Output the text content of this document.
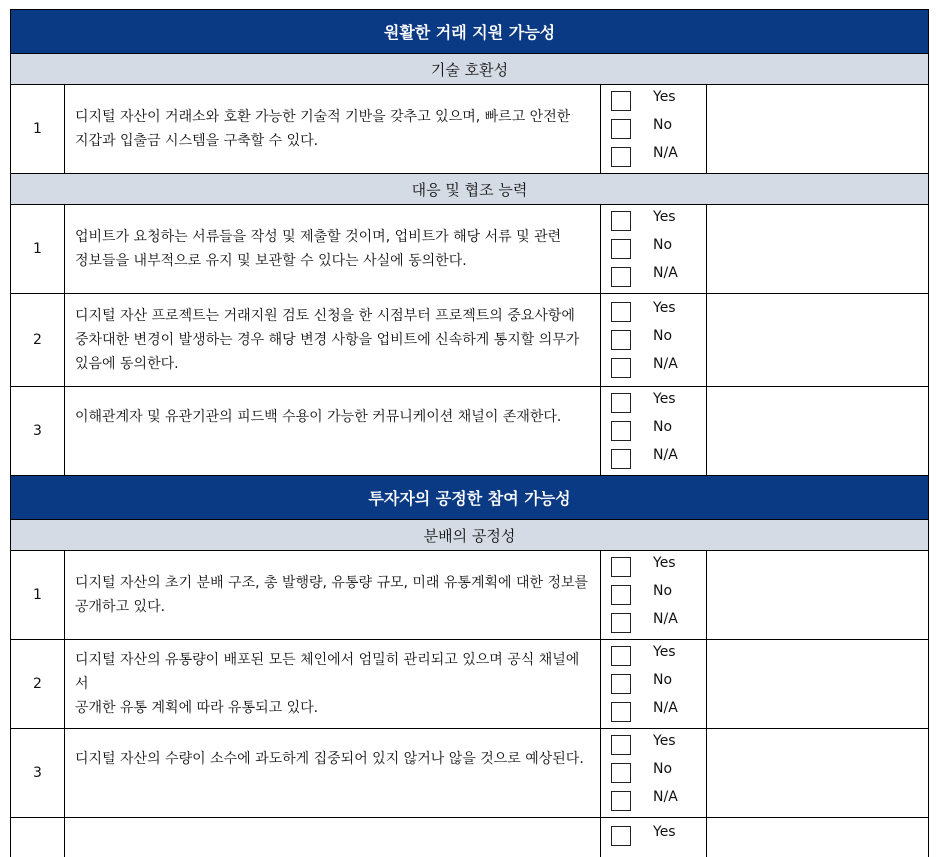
원활한 거래 지원 가능성
기술 호환성
1
디지털 자산이 거래소와 호환 가능한 기술적 기반을 갖추고 있으며, 빠르고 안전한
지갑과 입출금 시스템을 구축할 수 있다.
Yes
No
N/A
대응 및 협조 능력
1
업비트가 요청하는 서류들을 작성 및 제출할 것이며, 업비트가 해당 서류 및 관련
정보들을 내부적으로 유지 및 보관할 수 있다는 사실에 동의한다.
Yes
No
N/A
2
디지털 자산 프로젝트는 거래지원 검토 신청을 한 시점부터 프로젝트의 중요사항에
중차대한 변경이 발생하는 경우 해당 변경 사항을 업비트에 신속하게 통지할 의무가
있음에 동의한다.
Yes
No
N/A
3
이해관계자 및 유관기관의 피드백 수용이 가능한 커뮤니케이션 채널이 존재한다.
Yes
No
N/A
투자자의 공정한 참여 가능성
분배의 공정성
1
디지털 자산의 초기 분배 구조, 총 발행량, 유통량 규모, 미래 유통계획에 대한 정보를
공개하고 있다.
Yes
No
N/A
2
디지털 자산의 유통량이 배포된 모든 체인에서 엄밀히 관리되고 있으며 공식 채널에서
공개한 유통 계획에 따라 유통되고 있다.
Yes
No
N/A
3
디지털 자산의 수량이 소수에 과도하게 집중되어 있지 않거나 않을 것으로 예상된다.
Yes
No
N/A
Yes
